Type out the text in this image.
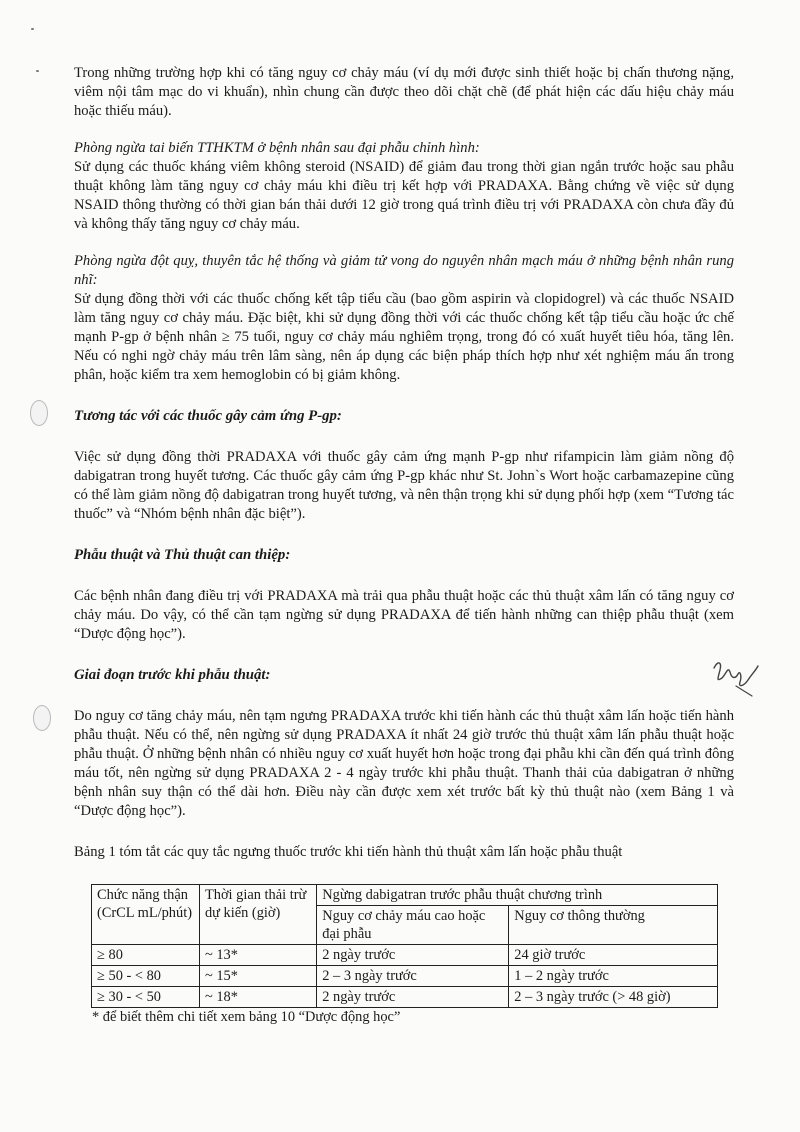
Trong những trường hợp khi có tăng nguy cơ chảy máu (ví dụ mới được sinh thiết hoặc bị chấn thương nặng, viêm nội tâm mạc do vi khuẩn), nhìn chung cần được theo dõi chặt chẽ (để phát hiện các dấu hiệu chảy máu hoặc thiếu máu).

Phòng ngừa tai biến TTHKTM ở bệnh nhân sau đại phẫu chỉnh hình:

Sử dụng các thuốc kháng viêm không steroid (NSAID) để giảm đau trong thời gian ngắn trước hoặc sau phẫu thuật không làm tăng nguy cơ chảy máu khi điều trị kết hợp với PRADAXA. Bằng chứng về việc sử dụng NSAID thông thường có thời gian bán thải dưới 12 giờ trong quá trình điều trị với PRADAXA còn chưa đầy đủ và không thấy tăng nguy cơ chảy máu.

Phòng ngừa đột quỵ, thuyên tắc hệ thống và giảm tử vong do nguyên nhân mạch máu ở những bệnh nhân rung nhĩ:

Sử dụng đồng thời với các thuốc chống kết tập tiểu cầu (bao gồm aspirin và clopidogrel) và các thuốc NSAID làm tăng nguy cơ chảy máu. Đặc biệt, khi sử dụng đồng thời với các thuốc chống kết tập tiểu cầu hoặc ức chế mạnh P-gp ở bệnh nhân ≥ 75 tuổi, nguy cơ chảy máu nghiêm trọng, trong đó có xuất huyết tiêu hóa, tăng lên. Nếu có nghi ngờ chảy máu trên lâm sàng, nên áp dụng các biện pháp thích hợp như xét nghiệm máu ẩn trong phân, hoặc kiểm tra xem hemoglobin có bị giảm không.

Tương tác với các thuốc gây cảm ứng P-gp:

Việc sử dụng đồng thời PRADAXA với thuốc gây cảm ứng mạnh P-gp như rifampicin làm giảm nồng độ dabigatran trong huyết tương. Các thuốc gây cảm ứng P-gp khác như St. John`s Wort hoặc carbamazepine cũng có thể làm giảm nồng độ dabigatran trong huyết tương, và nên thận trọng khi sử dụng phối hợp (xem “Tương tác thuốc” và “Nhóm bệnh nhân đặc biệt”).

Phẫu thuật và Thủ thuật can thiệp:

Các bệnh nhân đang điều trị với PRADAXA mà trải qua phẫu thuật hoặc các thủ thuật xâm lấn có tăng nguy cơ chảy máu. Do vậy, có thể cần tạm ngừng sử dụng PRADAXA để tiến hành những can thiệp phẫu thuật (xem “Dược động học”).

Giai đoạn trước khi phẫu thuật:

Do nguy cơ tăng chảy máu, nên tạm ngưng PRADAXA trước khi tiến hành các thủ thuật xâm lấn hoặc tiến hành phẫu thuật. Nếu có thể, nên ngừng sử dụng PRADAXA ít nhất 24 giờ trước thủ thuật xâm lấn phẫu thuật hoặc phẫu thuật. Ở những bệnh nhân có nhiều nguy cơ xuất huyết hơn hoặc trong đại phẫu khi cần đến quá trình đông máu tốt, nên ngừng sử dụng PRADAXA 2 - 4 ngày trước khi phẫu thuật. Thanh thải của dabigatran ở những bệnh nhân suy thận có thể dài hơn. Điều này cần được xem xét trước bất kỳ thủ thuật nào (xem Bảng 1 và “Dược động học”).

Bảng 1 tóm tắt các quy tắc ngưng thuốc trước khi tiến hành thủ thuật xâm lấn hoặc phẫu thuật

Chức năng thận (CrCL mL/phút)	Thời gian thải trừ dự kiến (giờ)	Ngừng dabigatran trước phẫu thuật chương trình	
		Nguy cơ chảy máu cao hoặc đại phẫu	Nguy cơ thông thường
≥ 80	~ 13*	2 ngày trước	24 giờ trước
≥ 50 - < 80	~ 15*	2 – 3 ngày trước	1 – 2 ngày trước
≥ 30 - < 50	~ 18*	2 ngày trước	2 – 3 ngày trước (> 48 giờ)
* để biết thêm chi tiết xem bảng 10 “Dược động học”
